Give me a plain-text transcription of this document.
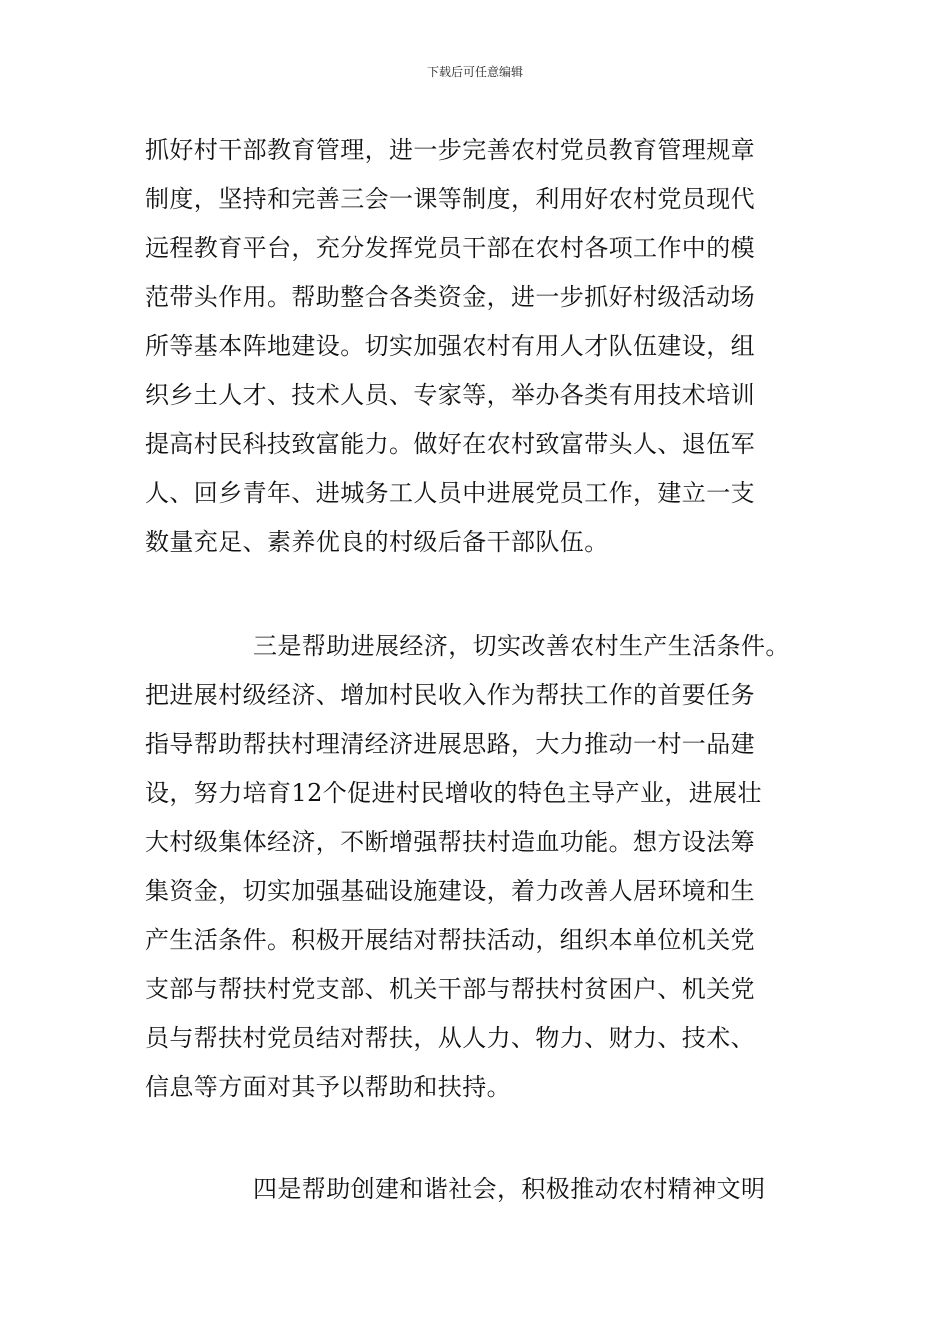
下载后可任意编辑
抓好村干部教育管理，进一步完善农村党员教育管理规章
制度，坚持和完善三会一课等制度，利用好农村党员现代
远程教育平台，充分发挥党员干部在农村各项工作中的模
范带头作用。帮助整合各类资金，进一步抓好村级活动场
所等基本阵地建设。切实加强农村有用人才队伍建设，组
织乡土人才、技术人员、专家等，举办各类有用技术培训
提高村民科技致富能力。做好在农村致富带头人、退伍军
人、回乡青年、进城务工人员中进展党员工作，建立一支
数量充足、素养优良的村级后备干部队伍。
三是帮助进展经济，切实改善农村生产生活条件。
把进展村级经济、增加村民收入作为帮扶工作的首要任务
指导帮助帮扶村理清经济进展思路，大力推动一村一品建
设，努力培育12个促进村民增收的特色主导产业，进展壮
大村级集体经济，不断增强帮扶村造血功能。想方设法筹
集资金，切实加强基础设施建设，着力改善人居环境和生
产生活条件。积极开展结对帮扶活动，组织本单位机关党
支部与帮扶村党支部、机关干部与帮扶村贫困户、机关党
员与帮扶村党员结对帮扶，从人力、物力、财力、技术、
信息等方面对其予以帮助和扶持。
四是帮助创建和谐社会，积极推动农村精神文明
